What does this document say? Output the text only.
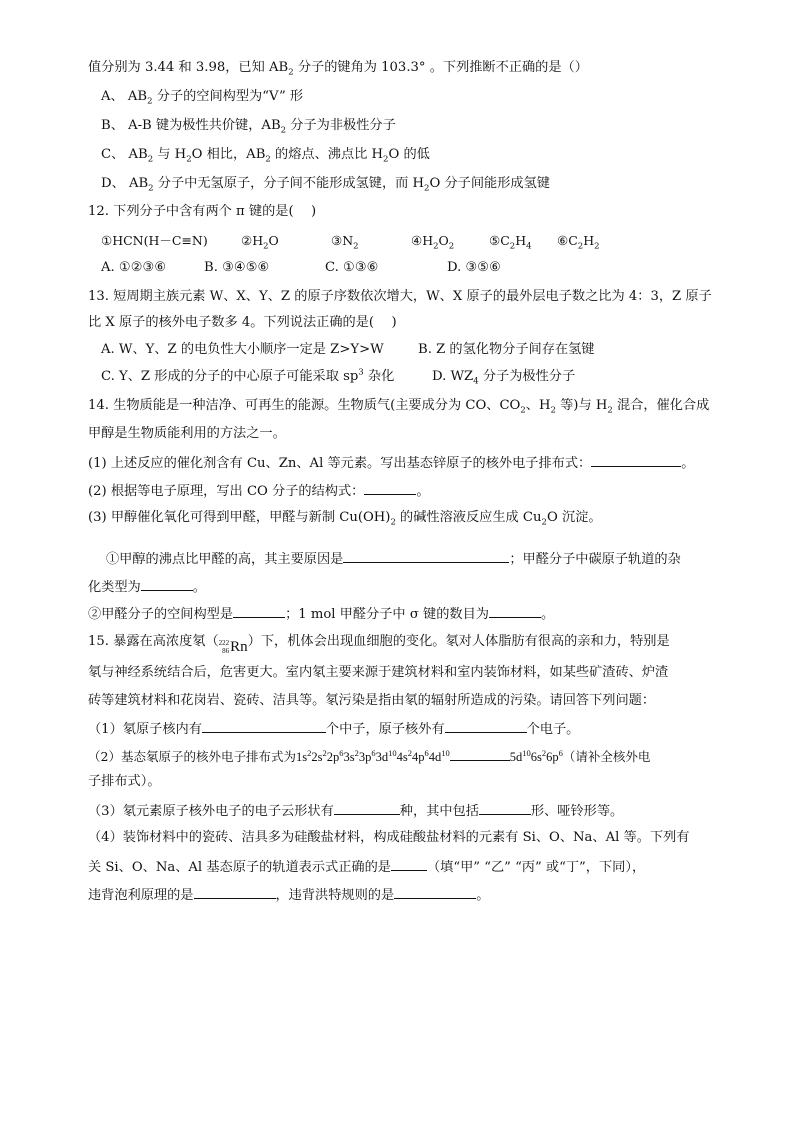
值分别为 3.44 和 3.98，已知 $AB_2$ 分子的键角为 103.3° 。下列推断不正确的是（）
A、 $AB_2$ 分子的空间构型为“V” 形
B、 A-B 键为极性共价键，$AB_2$ 分子为非极性分子
C、 $AB_2$ 与 $H_2O$ 相比，$AB_2$ 的熔点、沸点比 $H_2O$ 的低
D、 $AB_2$ 分子中无氢原子，分子间不能形成氢键，而 $H_2O$ 分子间能形成氢键
12. 下列分子中含有两个 π 键的是(　 )
①HCN(H－C≡N)	$②H_2O$	$③N_2$	$④H_2O_2$	$⑤C_2H_4$ $⑥C_2H_2$
A. ①②③⑥	B. ③④⑤⑥	C. ①③⑥	D. ③⑤⑥
13. 短周期主族元素 W、X、Y、Z 的原子序数依次增大，W、X 原子的最外层电子数之比为 4：3，Z 原子
比 X 原子的核外电子数多 4。下列说法正确的是(　 )
A. W、Y、Z 的电负性大小顺序一定是 Z>Y>W	B. Z 的氢化物分子间存在氢键
C. Y、Z 形成的分子的中心原子可能采取 $sp^3$ 杂化	D. $WZ_4$ 分子为极性分子
14. 生物质能是一种洁净、可再生的能源。生物质气(主要成分为 CO、$CO_2$、$H_2$ 等)与 $H_2$ 混合，催化合成
甲醇是生物质能利用的方法之一。
(1) 上述反应的催化剂含有 Cu、Zn、Al 等元素。写出基态锌原子的核外电子排布式：	。
(2) 根据等电子原理，写出 CO 分子的结构式：	。
(3) 甲醇催化氧化可得到甲醛，甲醛与新制 $Cu(OH)_2$ 的碱性溶液反应生成 $Cu_2O$ 沉淀。
①甲醇的沸点比甲醛的高，其主要原因是	；甲醛分子中碳原子轨道的杂
化类型为	。
②甲醛分子的空间构型是	；1 mol 甲醛分子中 σ 键的数目为	。
15. 暴露在高浓度氡（ 222
86 Rn ）下，机体会出现血细胞的变化。氡对人体脂肪有很高的亲和力，特别是
氡与神经系统结合后，危害更大。室内氡主要来源于建筑材料和室内装饰材料，如某些矿渣砖、炉渣
砖等建筑材料和花岗岩、瓷砖、洁具等。氡污染是指由氡的辐射所造成的污染。请回答下列问题：
（1）氡原子核内有	个中子，原子核外有	个电子。
（2）基态氡原子的核外电子排布式为$1s^22s^22p^63s^23p^63d^{10}4s^24p^64d^{10}$	$5d^{10}6s^26p^6$（请补全核外电
子排布式）。
（3）氡元素原子核外电子的电子云形状有	种，其中包括	形、哑铃形等。
（4）装饰材料中的瓷砖、洁具多为硅酸盐材料，构成硅酸盐材料的元素有 Si、O、Na、Al 等。下列有
关 Si、O、Na、Al 基态原子的轨道表示式正确的是	（填“甲” “乙” “丙” 或“丁”，下同），
违背泡利原理的是	，违背洪特规则的是	。
